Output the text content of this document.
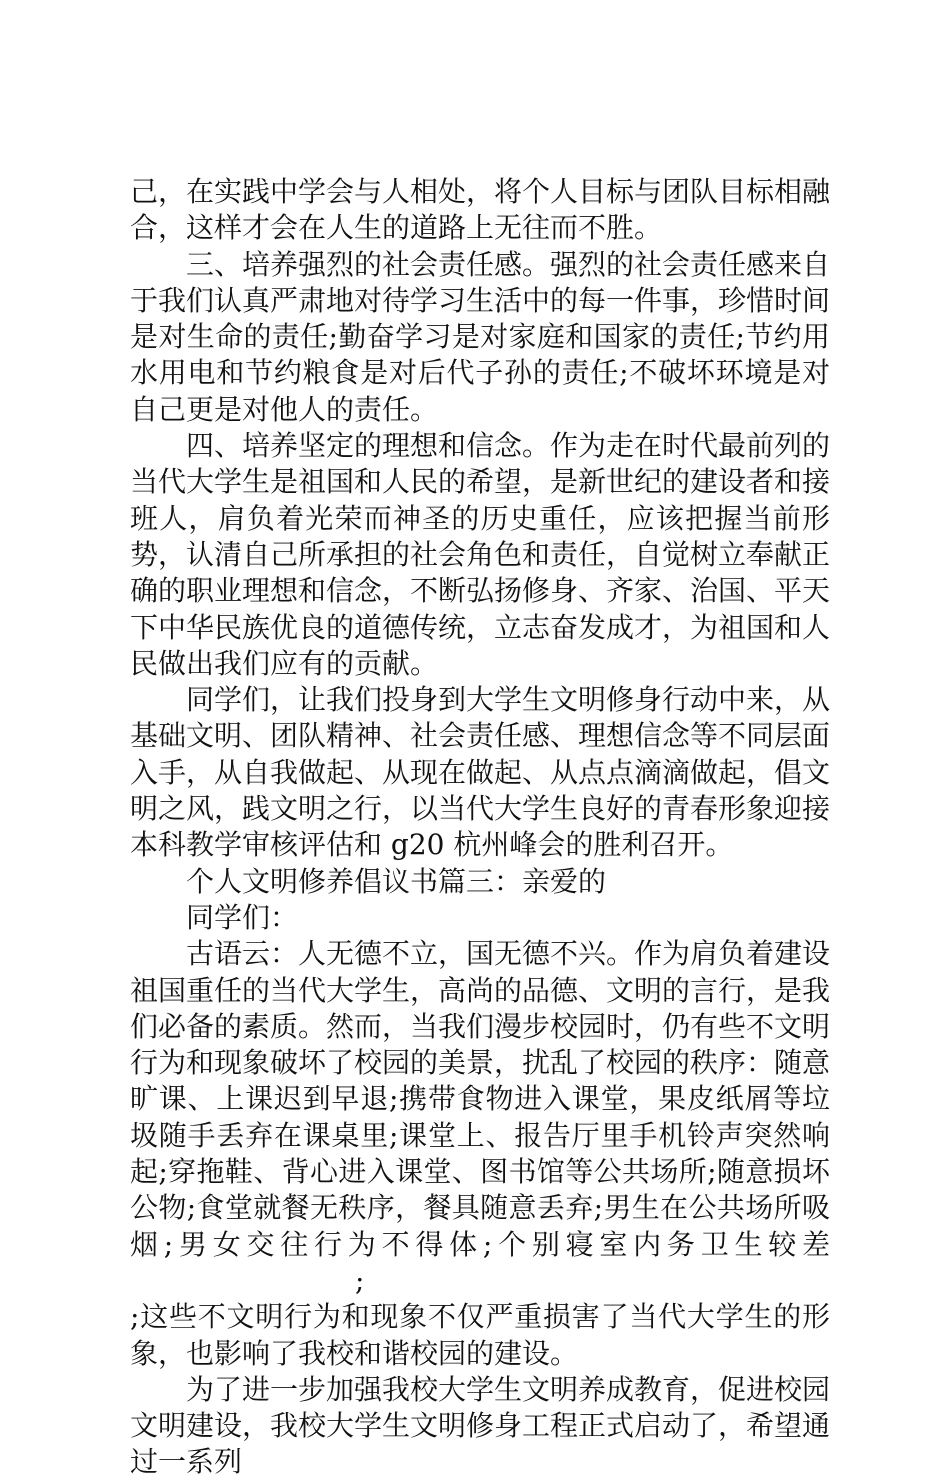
己，在实践中学会与人相处，将个人目标与团队目标相融合，这样才会在人生的道路上无往而不胜。

三、培养强烈的社会责任感。强烈的社会责任感来自于我们认真严肃地对待学习生活中的每一件事，珍惜时间是对生命的责任;勤奋学习是对家庭和国家的责任;节约用水用电和节约粮食是对后代子孙的责任;不破坏环境是对自己更是对他人的责任。

四、培养坚定的理想和信念。作为走在时代最前列的当代大学生是祖国和人民的希望，是新世纪的建设者和接班人，肩负着光荣而神圣的历史重任，应该把握当前形势，认清自己所承担的社会角色和责任，自觉树立奉献正确的职业理想和信念，不断弘扬修身、齐家、治国、平天下中华民族优良的道德传统，立志奋发成才，为祖国和人民做出我们应有的贡献。

同学们，让我们投身到大学生文明修身行动中来，从基础文明、团队精神、社会责任感、理想信念等不同层面入手，从自我做起、从现在做起、从点点滴滴做起，倡文明之风，践文明之行，以当代大学生良好的青春形象迎接本科教学审核评估和 g20 杭州峰会的胜利召开。

个人文明修养倡议书篇三：亲爱的

同学们：

古语云：人无德不立，国无德不兴。作为肩负着建设祖国重任的当代大学生，高尚的品德、文明的言行，是我们必备的素质。然而，当我们漫步校园时，仍有些不文明行为和现象破坏了校园的美景，扰乱了校园的秩序：随意旷课、上课迟到早退;携带食物进入课堂，果皮纸屑等垃圾随手丢弃在课桌里;课堂上、报告厅里手机铃声突然响起;穿拖鞋、背心进入课堂、图书馆等公共场所;随意损坏公物;食堂就餐无秩序，餐具随意丢弃;男生在公共场所吸烟;男女交往行为不得体;个别寝室内务卫生较差;

;这些不文明行为和现象不仅严重损害了当代大学生的形象，也影响了我校和谐校园的建设。

为了进一步加强我校大学生文明养成教育，促进校园文明建设，我校大学生文明修身工程正式启动了，希望通过一系列
